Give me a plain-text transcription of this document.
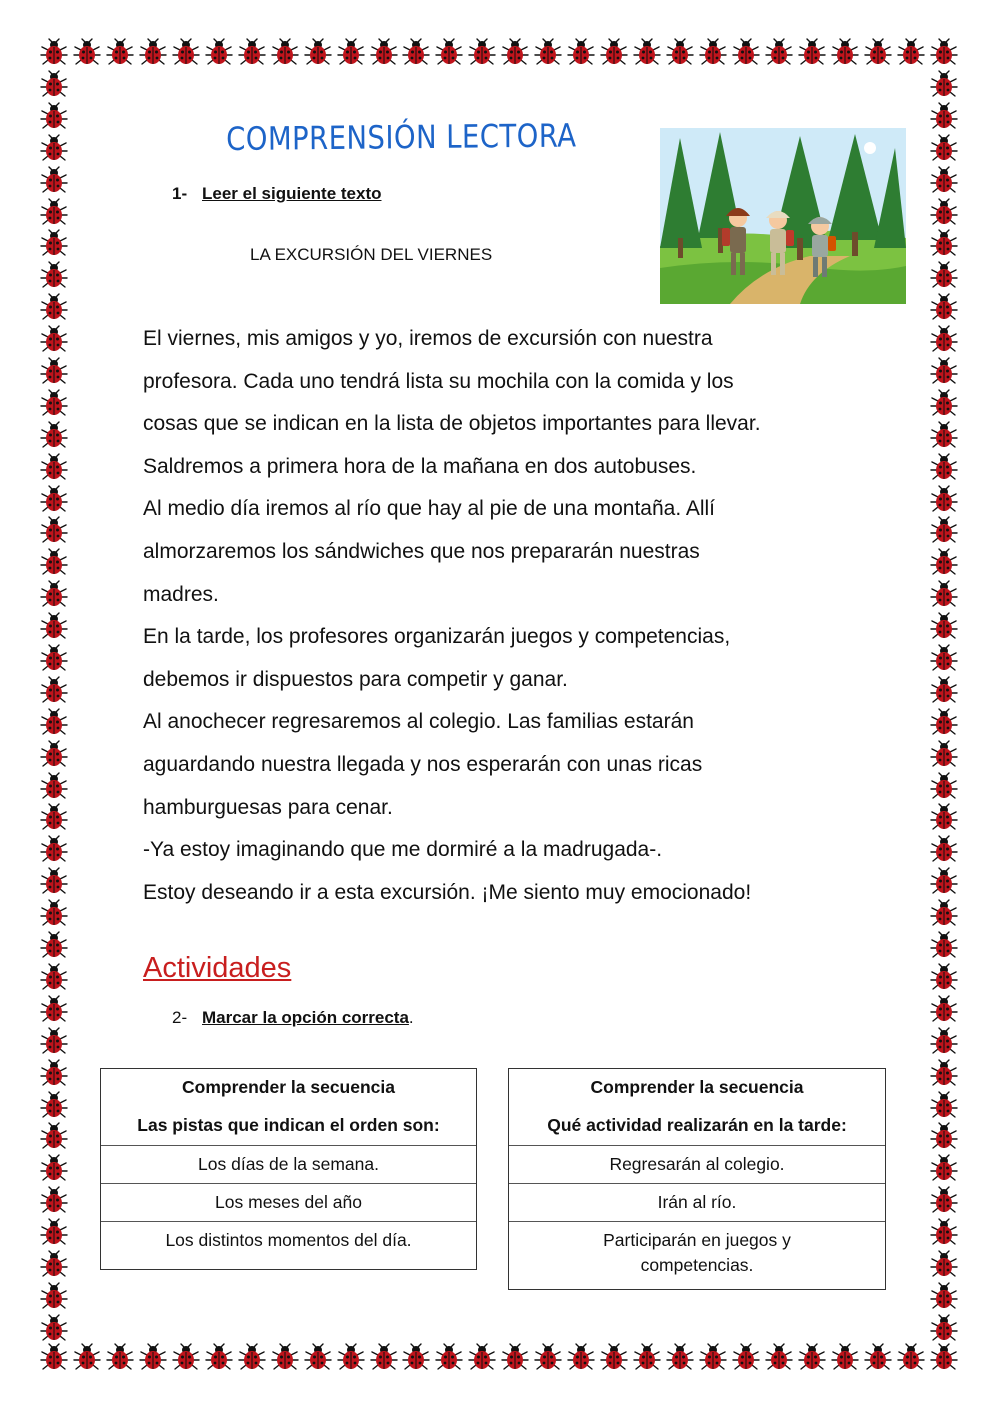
COMPRENSIÓN LECTORA
1- Leer el siguiente texto
LA EXCURSIÓN DEL VIERNES
El viernes, mis amigos y yo, iremos de excursión con nuestra
profesora. Cada uno tendrá lista su mochila con la comida y los
cosas que se indican en la lista de objetos importantes para llevar.
Saldremos a primera hora de la mañana en dos autobuses.
Al medio día iremos al río que hay al pie de una montaña. Allí
almorzaremos los sándwiches que nos prepararán nuestras
madres.
En la tarde, los profesores organizarán juegos y competencias,
debemos ir dispuestos para competir y ganar.
Al anochecer regresaremos al colegio. Las familias estarán
aguardando nuestra llegada y nos esperarán con unas ricas
hamburguesas para cenar.
-Ya estoy imaginando que me dormiré a la madrugada-.
Estoy deseando ir a esta excursión. ¡Me siento muy emocionado!
Actividades
2- Marcar la opción correcta.
Comprender la secuencia
Las pistas que indican el orden son:
Los días de la semana.
Los meses del año
Los distintos momentos del día.
Comprender la secuencia
Qué actividad realizarán en la tarde:
Regresarán al colegio.
Irán al río.
Participarán en juegos y
competencias.
